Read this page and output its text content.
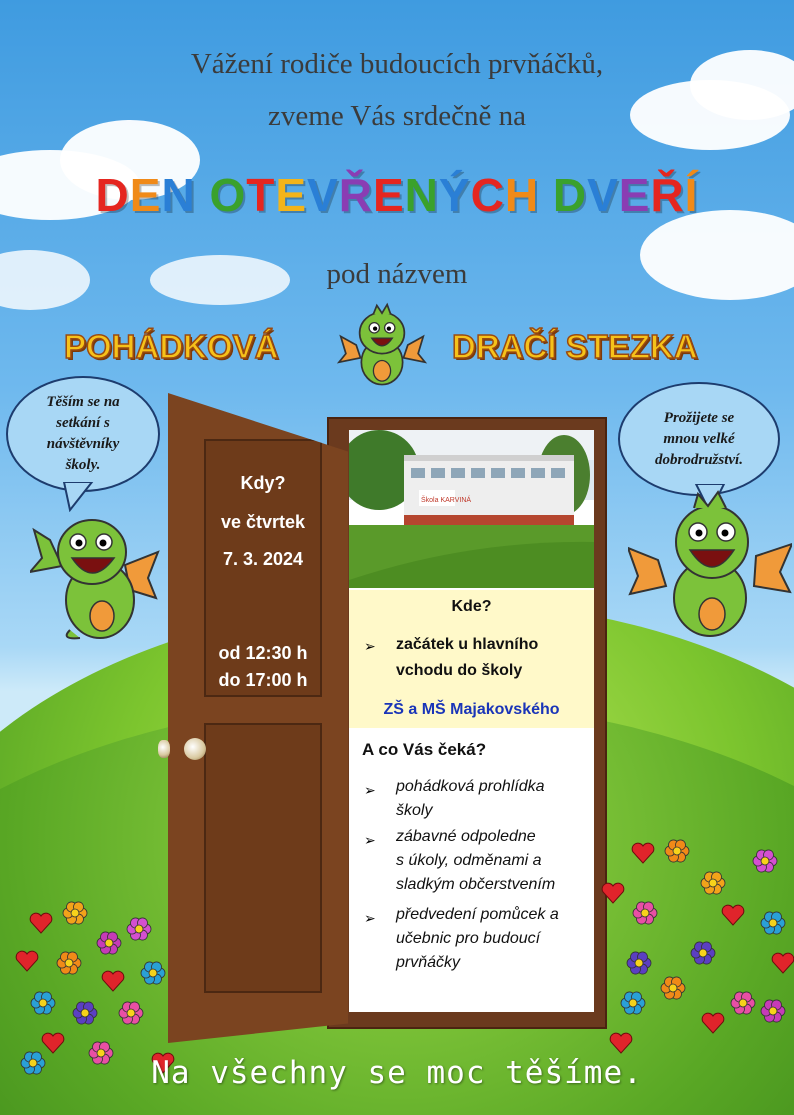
Vážení rodiče budoucích prvňáčků,
zveme Vás srdečně na
DEN OTEVŘENÝCH DVEŘÍ
pod názvem
POHÁDKOVÁ	DRAČÍ STEZKA
Těším se na
setkání s
návštěvníky
školy.
Prožijete se
mnou velké
dobrodružství.
Škola KARVINÁ
Kde?
➢ začátek u hlavního
vchodu do školy
ZŠ a MŠ Majakovského
A co Vás čeká?
➢ pohádková prohlídka
školy
➢ zábavné odpoledne
s úkoly, odměnami a
sladkým občerstvením
➢ předvedení pomůcek a
učebnic pro budoucí
prvňáčky
Kdy?
ve čtvrtek
7. 3. 2024
od 12:30 h
do 17:00 h
Na všechny se moc těšíme.
